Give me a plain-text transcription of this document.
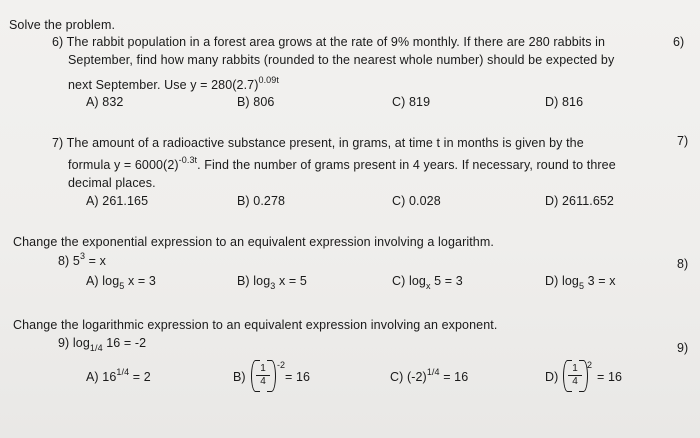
Solve the problem.
6) The rabbit population in a forest area grows at the rate of 9% monthly. If there are 280 rabbits in	6)
September, find how many rabbits (rounded to the nearest whole number) should be expected by
next September. Use $y = 280(2.7)^{0.09t}$
A) 832	B) 806	C) 819	D) 816
7) The amount of a radioactive substance present, in grams, at time t in months is given by the	7)
formula $y = 6000(2)^{-0.3t}$. Find the number of grams present in 4 years. If necessary, round to three
decimal places.
A) 261.165	B) 0.278	C) 0.028	D) 2611.652
Change the exponential expression to an equivalent expression involving a logarithm.
8) $5^3 = x$	8)
A) $\log_5 x = 3$	B) $\log_3 x = 5$	C) $\log_x 5 = 3$	D) $\log_5 3 = x$
Change the logarithmic expression to an equivalent expression involving an exponent.
9) $\log_{1/4} 16 = -2$	9)
A) $16^{1/4} = 2$	B)
1
4
-2
= 16	C) $(-2)^{1/4} = 16$	D)
1
4
2
= 16
